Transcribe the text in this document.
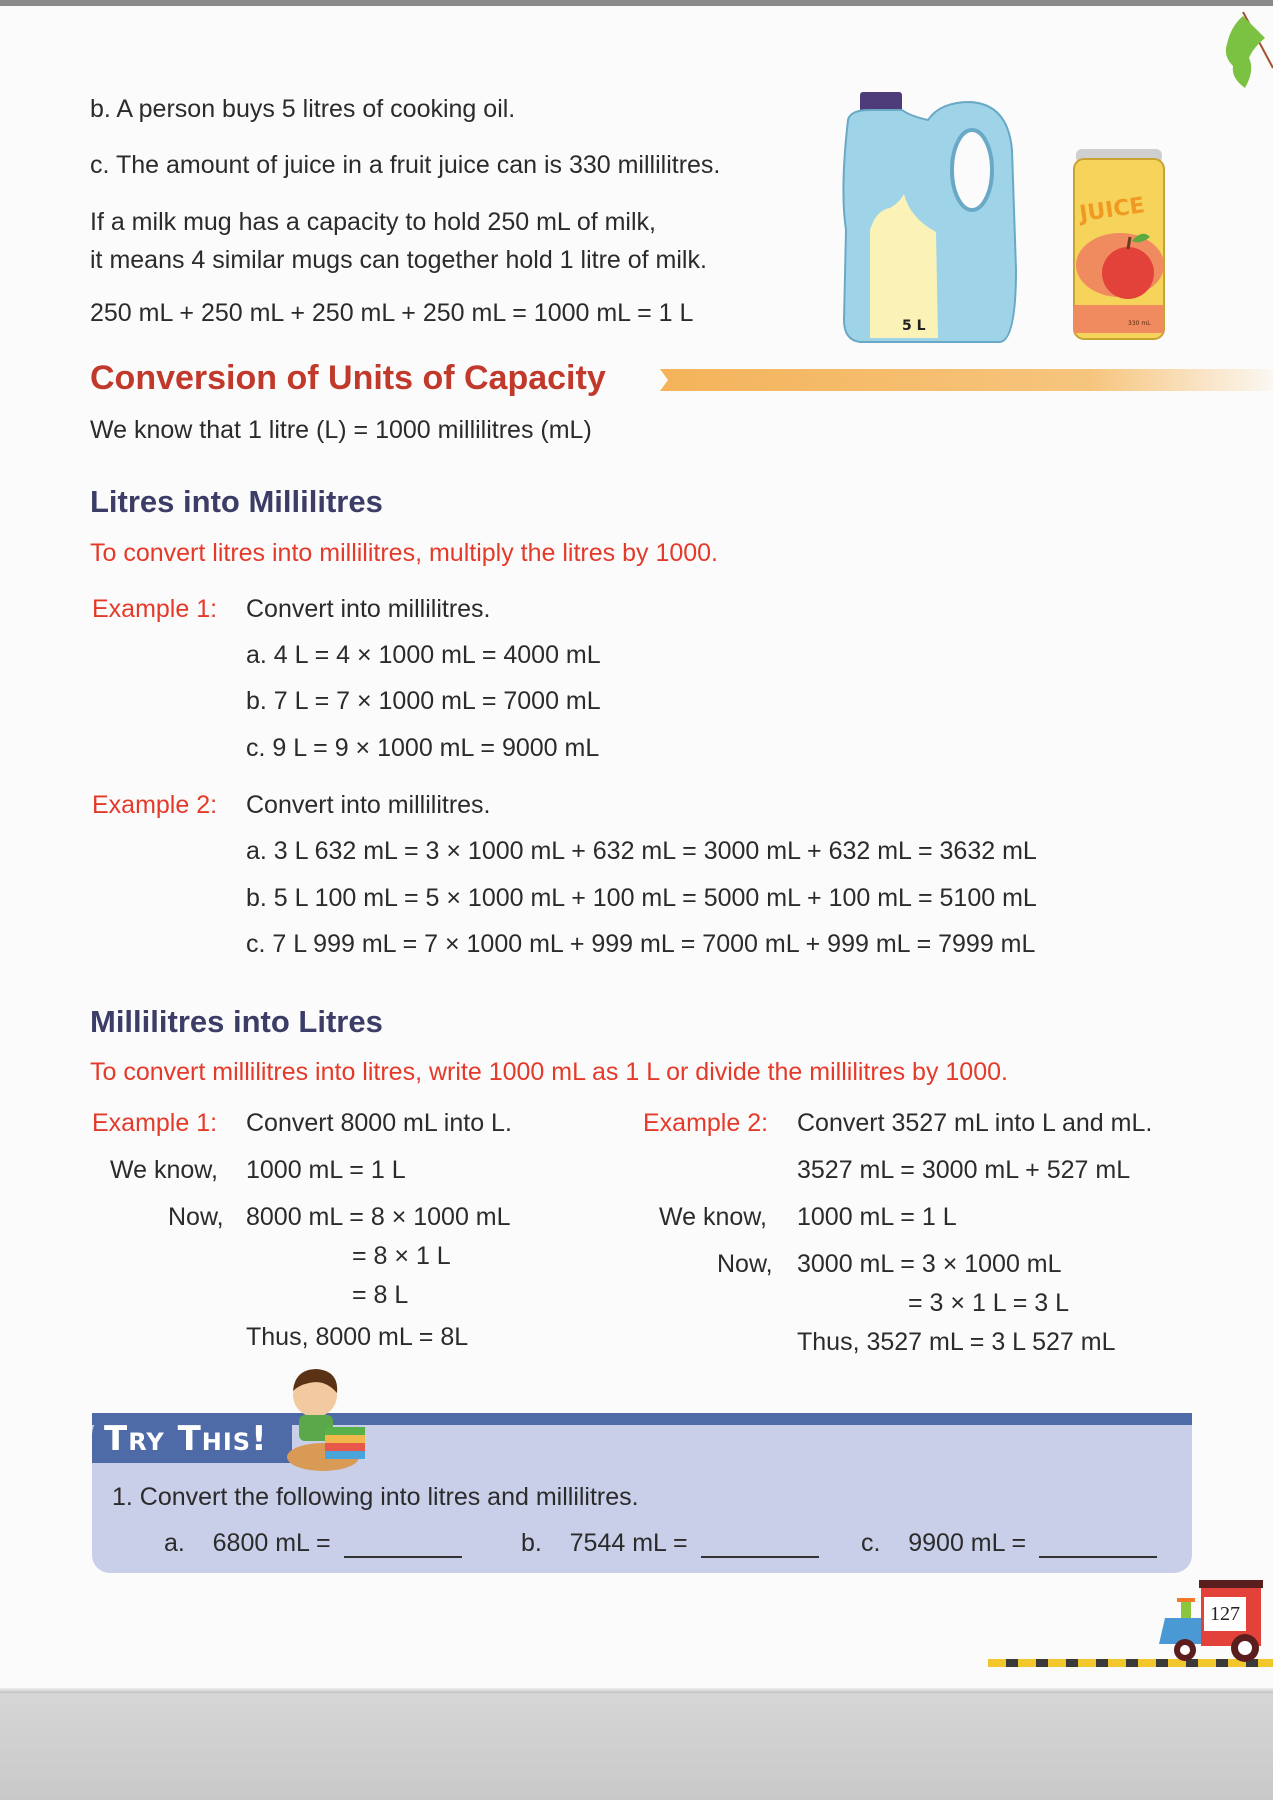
b. A person buys 5 litres of cooking oil.
c. The amount of juice in a fruit juice can is 330 millilitres.
If a milk mug has a capacity to hold 250 mL of milk,
it means 4 similar mugs can together hold 1 litre of milk.
250 mL + 250 mL + 250 mL + 250 mL = 1000 mL = 1 L	5 L
JUICE
330 mL
Conversion of Units of Capacity
We know that 1 litre (L) = 1000 millilitres (mL)
Litres into Millilitres
To convert litres into millilitres, multiply the litres by 1000.
Example 1: Convert into millilitres.
a. 4 L = 4 × 1000 mL = 4000 mL
b. 7 L = 7 × 1000 mL = 7000 mL
c. 9 L = 9 × 1000 mL = 9000 mL
Example 2: Convert into millilitres.
a. 3 L 632 mL = 3 × 1000 mL + 632 mL = 3000 mL + 632 mL = 3632 mL
b. 5 L 100 mL = 5 × 1000 mL + 100 mL = 5000 mL + 100 mL = 5100 mL
c. 7 L 999 mL = 7 × 1000 mL + 999 mL = 7000 mL + 999 mL = 7999 mL
Millilitres into Litres
To convert millilitres into litres, write 1000 mL as 1 L or divide the millilitres by 1000.
Example 1: Convert 8000 mL into L.
We know, 1000 mL = 1 L
Now, 8000 mL = 8 × 1000 mL
= 8 × 1 L
= 8 L
Thus, 8000 mL = 8L
Example 2: Convert 3527 mL into L and mL.
3527 mL = 3000 mL + 527 mL
We know, 1000 mL = 1 L
Now, 3000 mL = 3 × 1000 mL
= 3 × 1 L = 3 L
Thus, 3527 mL = 3 L 527 mL
Try This!
1. Convert the following into litres and millilitres.
a. 6800 mL =	b. 7544 mL =	c. 9900 mL =
127
